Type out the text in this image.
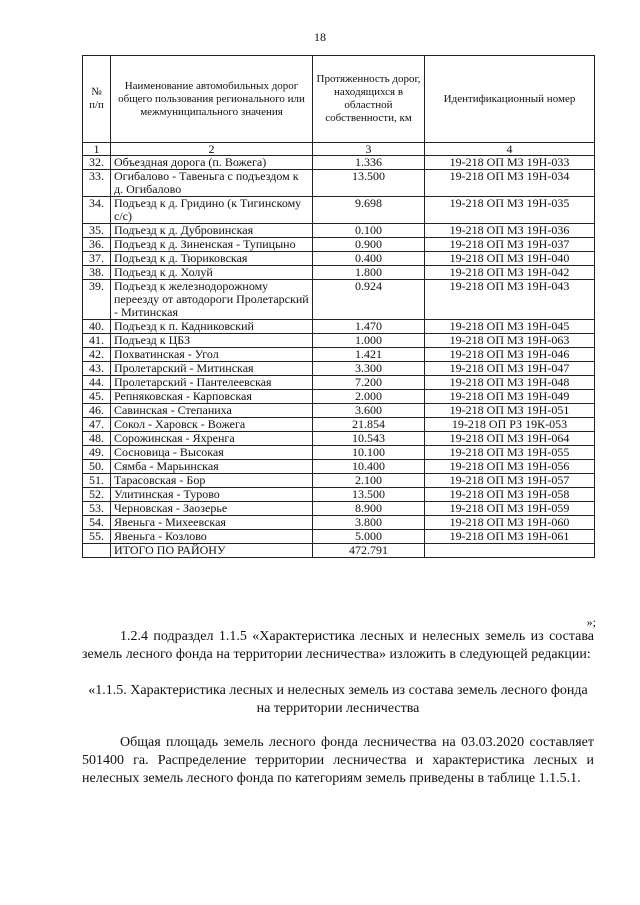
18
№ п/п	Наименование автомобильных дорог общего пользования регионального или межмуниципального значения	Протяженность дорог, находящихся в областной собственности, км	Идентификационный номер
1	2	3	4
32.	Объездная дорога (п. Вожега)	1.336	19-218 ОП МЗ 19Н-033
33.	Огибалово - Тавеньга с подъездом к д. Огибалово	13.500	19-218 ОП МЗ 19Н-034
34.	Подъезд к д. Гридино (к Тигинскому с/с)	9.698	19-218 ОП МЗ 19Н-035
35.	Подъезд к д. Дубровинская	0.100	19-218 ОП МЗ 19Н-036
36.	Подъезд к д. Зиненская - Тупицыно	0.900	19-218 ОП МЗ 19Н-037
37.	Подъезд к д. Тюриковская	0.400	19-218 ОП МЗ 19Н-040
38.	Подъезд к д. Холуй	1.800	19-218 ОП МЗ 19Н-042
39.	Подъезд к железнодорожному переезду от автодороги Пролетарский - Митинская	0.924	19-218 ОП МЗ 19Н-043
40.	Подъезд к п. Кадниковский	1.470	19-218 ОП МЗ 19Н-045
41.	Подъезд к ЦБЗ	1.000	19-218 ОП МЗ 19Н-063
42.	Похватинская - Угол	1.421	19-218 ОП МЗ 19Н-046
43.	Пролетарский - Митинская	3.300	19-218 ОП МЗ 19Н-047
44.	Пролетарский - Пантелеевская	7.200	19-218 ОП МЗ 19Н-048
45.	Репняковская - Карповская	2.000	19-218 ОП МЗ 19Н-049
46.	Савинская - Степаниха	3.600	19-218 ОП МЗ 19Н-051
47.	Сокол - Харовск - Вожега	21.854	19-218 ОП РЗ 19К-053
48.	Сорожинская - Яхренга	10.543	19-218 ОП МЗ 19Н-064
49.	Сосновица - Высокая	10.100	19-218 ОП МЗ 19Н-055
50.	Сямба - Марьинская	10.400	19-218 ОП МЗ 19Н-056
51.	Тарасовская - Бор	2.100	19-218 ОП МЗ 19Н-057
52.	Улитинская - Турово	13.500	19-218 ОП МЗ 19Н-058
53.	Черновская - Заозерье	8.900	19-218 ОП МЗ 19Н-059
54.	Явеньга - Михеевская	3.800	19-218 ОП МЗ 19Н-060
55.	Явеньга - Козлово	5.000	19-218 ОП МЗ 19Н-061
	ИТОГО ПО РАЙОНУ	472.791	
»;
1.2.4 подраздел 1.1.5 «Характеристика лесных и нелесных земель из состава земель лесного фонда на территории лесничества» изложить в следующей редакции:
«1.1.5. Характеристика лесных и нелесных земель из состава земель лесного фонда на территории лесничества
Общая площадь земель лесного фонда лесничества на 03.03.2020 составляет 501400 га. Распределение территории лесничества и характеристика лесных и нелесных земель лесного фонда по категориям земель приведены в таблице 1.1.5.1.
